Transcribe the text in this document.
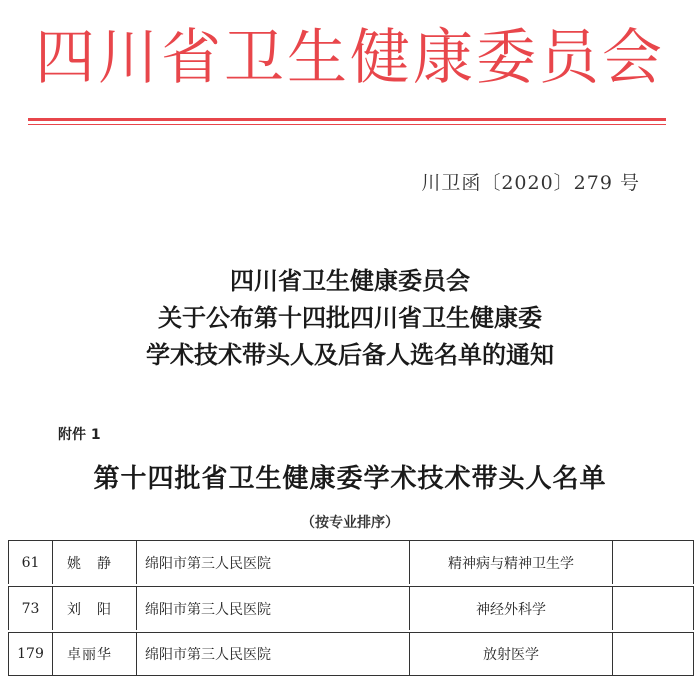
四川省卫生健康委员会
川卫函〔2020〕279 号
四川省卫生健康委员会
关于公布第十四批四川省卫生健康委
学术技术带头人及后备人选名单的通知
附件 1
第十四批省卫生健康委学术技术带头人名单
（按专业排序）
61	姚　静	绵阳市第三人民医院	精神病与精神卫生学
73	刘　阳	绵阳市第三人民医院	神经外科学
179	卓丽华	绵阳市第三人民医院	放射医学
